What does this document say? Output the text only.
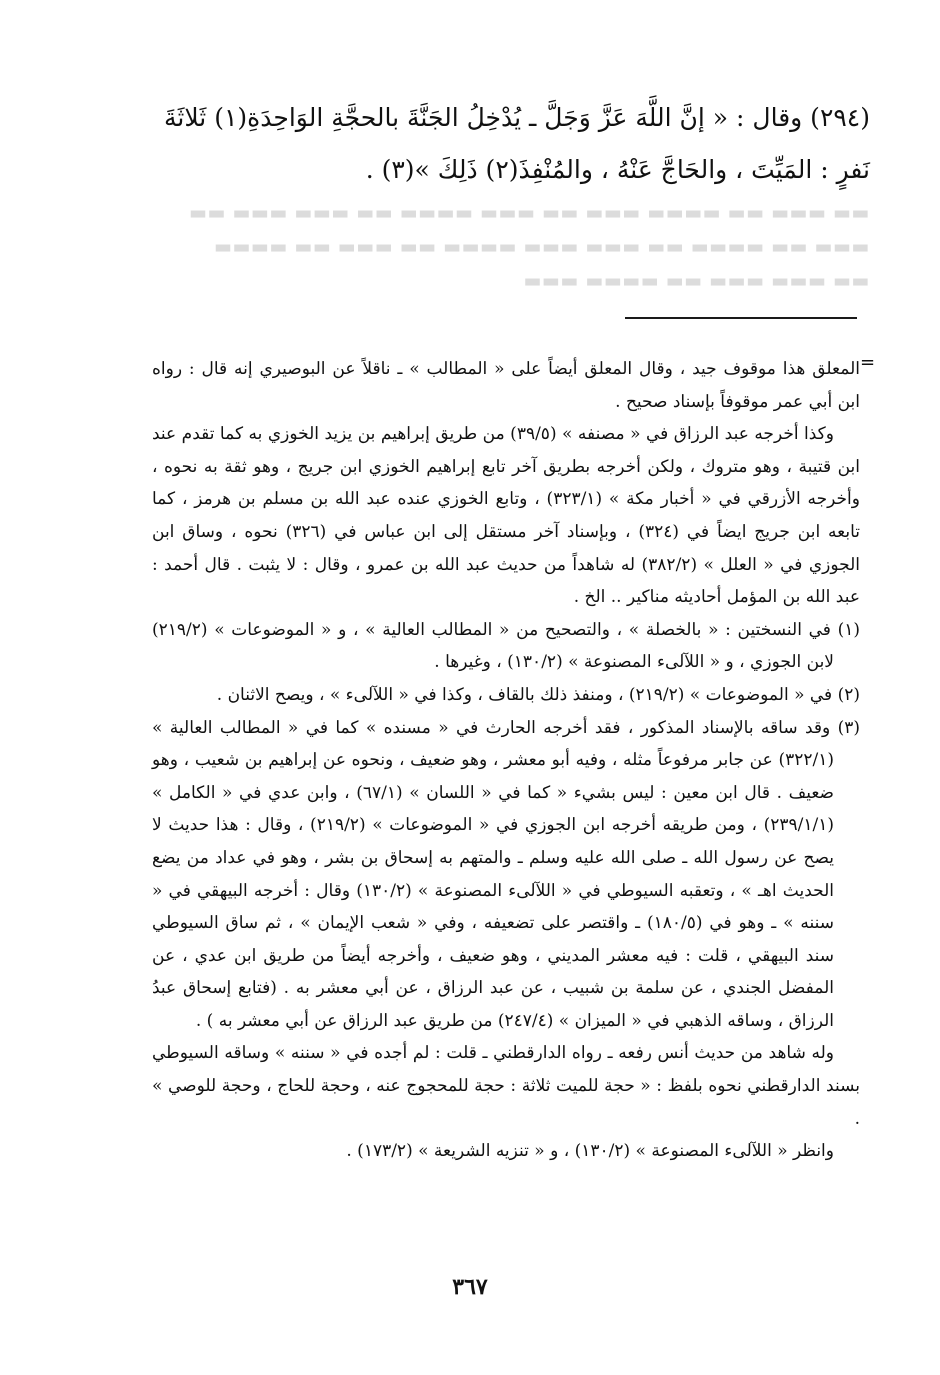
(٢٩٤) وقال : « إنَّ اللَّهَ عَزَّ وَجَلَّ ـ يُدْخِلُ الجَنَّةَ بالحجَّةِ الوَاحِدَةِ(١) ثَلاثَةَ

نَفرٍ : المَيِّتَ ، والحَاجَّ عَنْهُ ، والمُنْفِذَ(٢) ذَلِكَ »(٣) .

▬▬ ▬▬▬ ▬▬ ▬▬▬▬ ▬▬▬ ▬▬ ▬▬▬ ▬▬▬▬ ▬▬ ▬▬▬ ▬▬▬ ▬▬

▬▬▬ ▬▬ ▬▬▬▬ ▬▬ ▬▬▬ ▬▬▬ ▬▬▬▬ ▬▬ ▬▬▬ ▬▬ ▬▬▬▬

▬▬ ▬▬▬ ▬▬▬ ▬▬ ▬▬▬▬ ▬▬▬

=

المعلق هذا موقوف جيد ، وقال المعلق أيضاً على « المطالب » ـ ناقلاً عن البوصيري إنه قال : رواه ابن أبي عمر موقوفاً بإسناد صحيح .

وكذا أخرجه عبد الرزاق في « مصنفه » (٣٩/٥) من طريق إبراهيم بن يزيد الخوزي به كما تقدم عند ابن قتيبة ، وهو متروك ، ولكن أخرجه بطريق آخر تابع إبراهيم الخوزي ابن جريج ، وهو ثقة به نحوه ، وأخرجه الأزرقي في « أخبار مكة » (٣٢٣/١) ، وتابع الخوزي عنده عبد الله بن مسلم بن هرمز ، كما تابعه ابن جريج ايضاً في (٣٢٤) ، وبإسناد آخر مستقل إلى ابن عباس في (٣٢٦) نحوه ، وساق ابن الجوزي في « العلل » (٣٨٢/٢) له شاهداً من حديث عبد الله بن عمرو ، وقال : لا يثبت . قال أحمد : عبد الله بن المؤمل أحاديثه مناكير .. الخ .

(١) في النسختين : « بالخصلة » ، والتصحيح من « المطالب العالية » ، و « الموضوعات » (٢١٩/٢) لابن الجوزي ، و « اللآلىء المصنوعة » (١٣٠/٢) ، وغيرها .

(٢) في « الموضوعات » (٢١٩/٢) ، ومنفذ ذلك بالقاف ، وكذا في « اللآلىء » ، ويصح الاثنان .

(٣) وقد ساقه بالإسناد المذكور ، فقد أخرجه الحارث في « مسنده » كما في « المطالب العالية » (٣٢٢/١) عن جابر مرفوعاً مثله ، وفيه أبو معشر ، وهو ضعيف ، ونحوه عن إبراهيم بن شعيب ، وهو ضعيف . قال ابن معين : ليس بشيء « كما في « اللسان » (٦٧/١) ، وابن عدي في « الكامل » (٢٣٩/١/١) ، ومن طريقه أخرجه ابن الجوزي في « الموضوعات » (٢١٩/٢) ، وقال : هذا حديث لا يصح عن رسول الله ـ صلى الله عليه وسلم ـ والمتهم به إسحاق بن بشر ، وهو في عداد من يضع الحديث اهـ » ، وتعقبه السيوطي في « اللآلىء المصنوعة » (١٣٠/٢) وقال : أخرجه البيهقي في « سننه » ـ وهو في (١٨٠/٥) ـ واقتصر على تضعيفه ، وفي « شعب الإيمان » ، ثم ساق السيوطي سند البيهقي ، قلت : فيه معشر المديني ، وهو ضعيف ، وأخرجه أيضاً من طريق ابن عدي ، عن المفضل الجندي ، عن سلمة بن شبيب ، عن عبد الرزاق ، عن أبي معشر به . (فتابع إسحاق عبدُ الرزاق ، وساقه الذهبي في « الميزان » (٢٤٧/٤) من طريق عبد الرزاق عن أبي معشر به ) .

وله شاهد من حديث أنس رفعه ـ رواه الدارقطني ـ قلت : لم أجده في « سننه » وساقه السيوطي بسند الدارقطني نحوه بلفظ : « حجة للميت ثلاثة : حجة للمحجوج عنه ، وحجة للحاج ، وحجة للوصي » .

وانظر « اللآلىء المصنوعة » (١٣٠/٢) ، و « تنزيه الشريعة » (١٧٣/٢) .

٣٦٧
